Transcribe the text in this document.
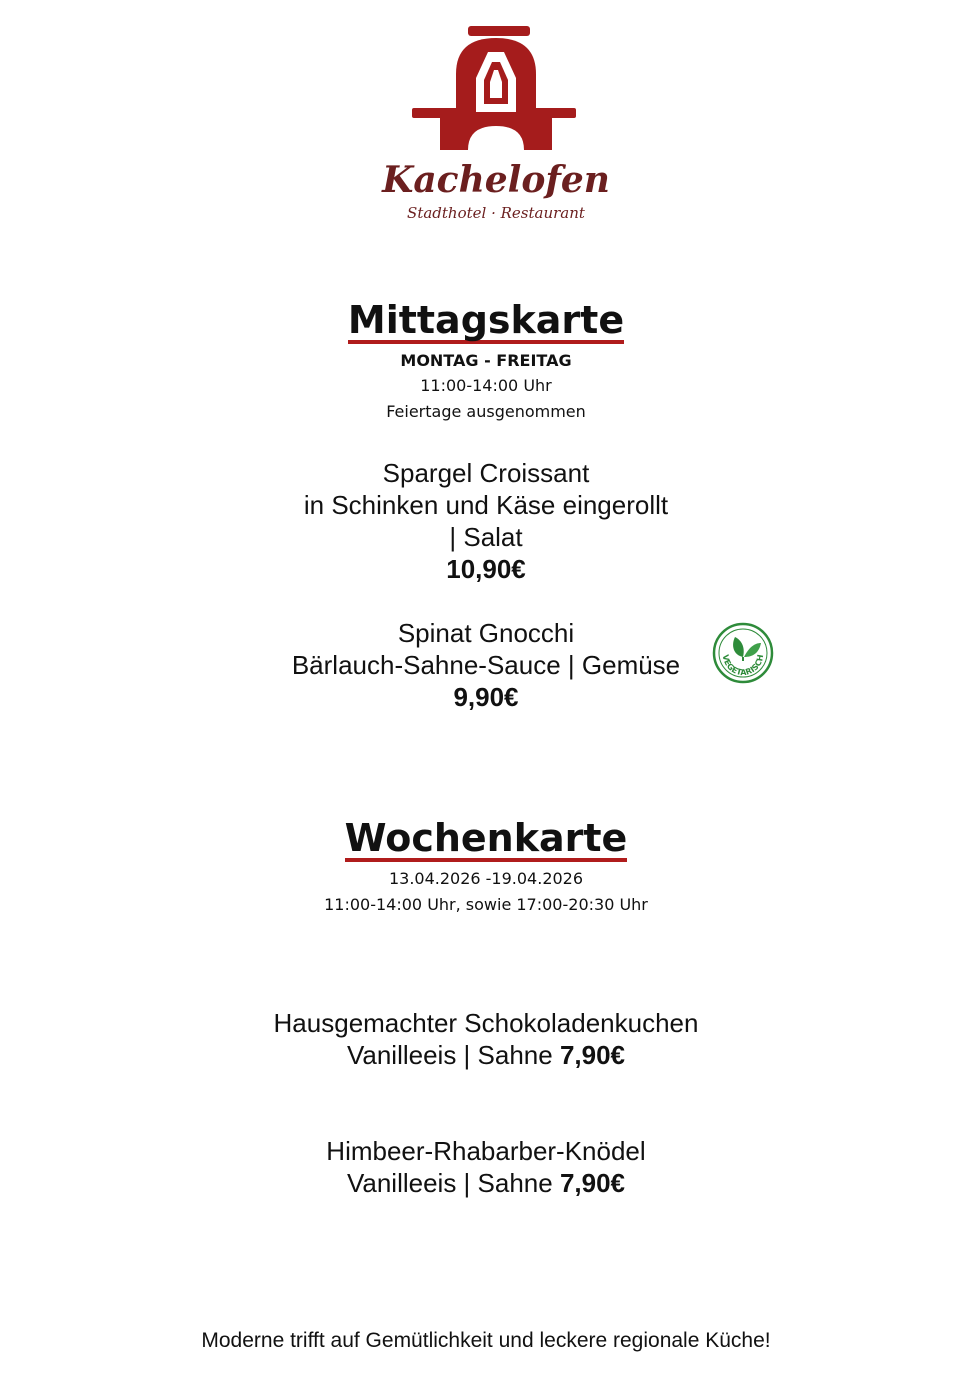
Kachelofen
Stadthotel · Restaurant
Mittagskarte
MONTAG - FREITAG
11:00-14:00 Uhr
Feiertage ausgenommen
Spargel Croissant
in Schinken und Käse eingerollt
| Salat
10,90€
Spinat Gnocchi
Bärlauch-Sahne-Sauce | Gemüse
9,90€
VEGETARISCH
Wochenkarte
13.04.2026 -19.04.2026
11:00-14:00 Uhr, sowie 17:00-20:30 Uhr
Hausgemachter Schokoladenkuchen
Vanilleeis | Sahne 7,90€
Himbeer-Rhabarber-Knödel
Vanilleeis | Sahne 7,90€
Moderne trifft auf Gemütlichkeit und leckere regionale Küche!
